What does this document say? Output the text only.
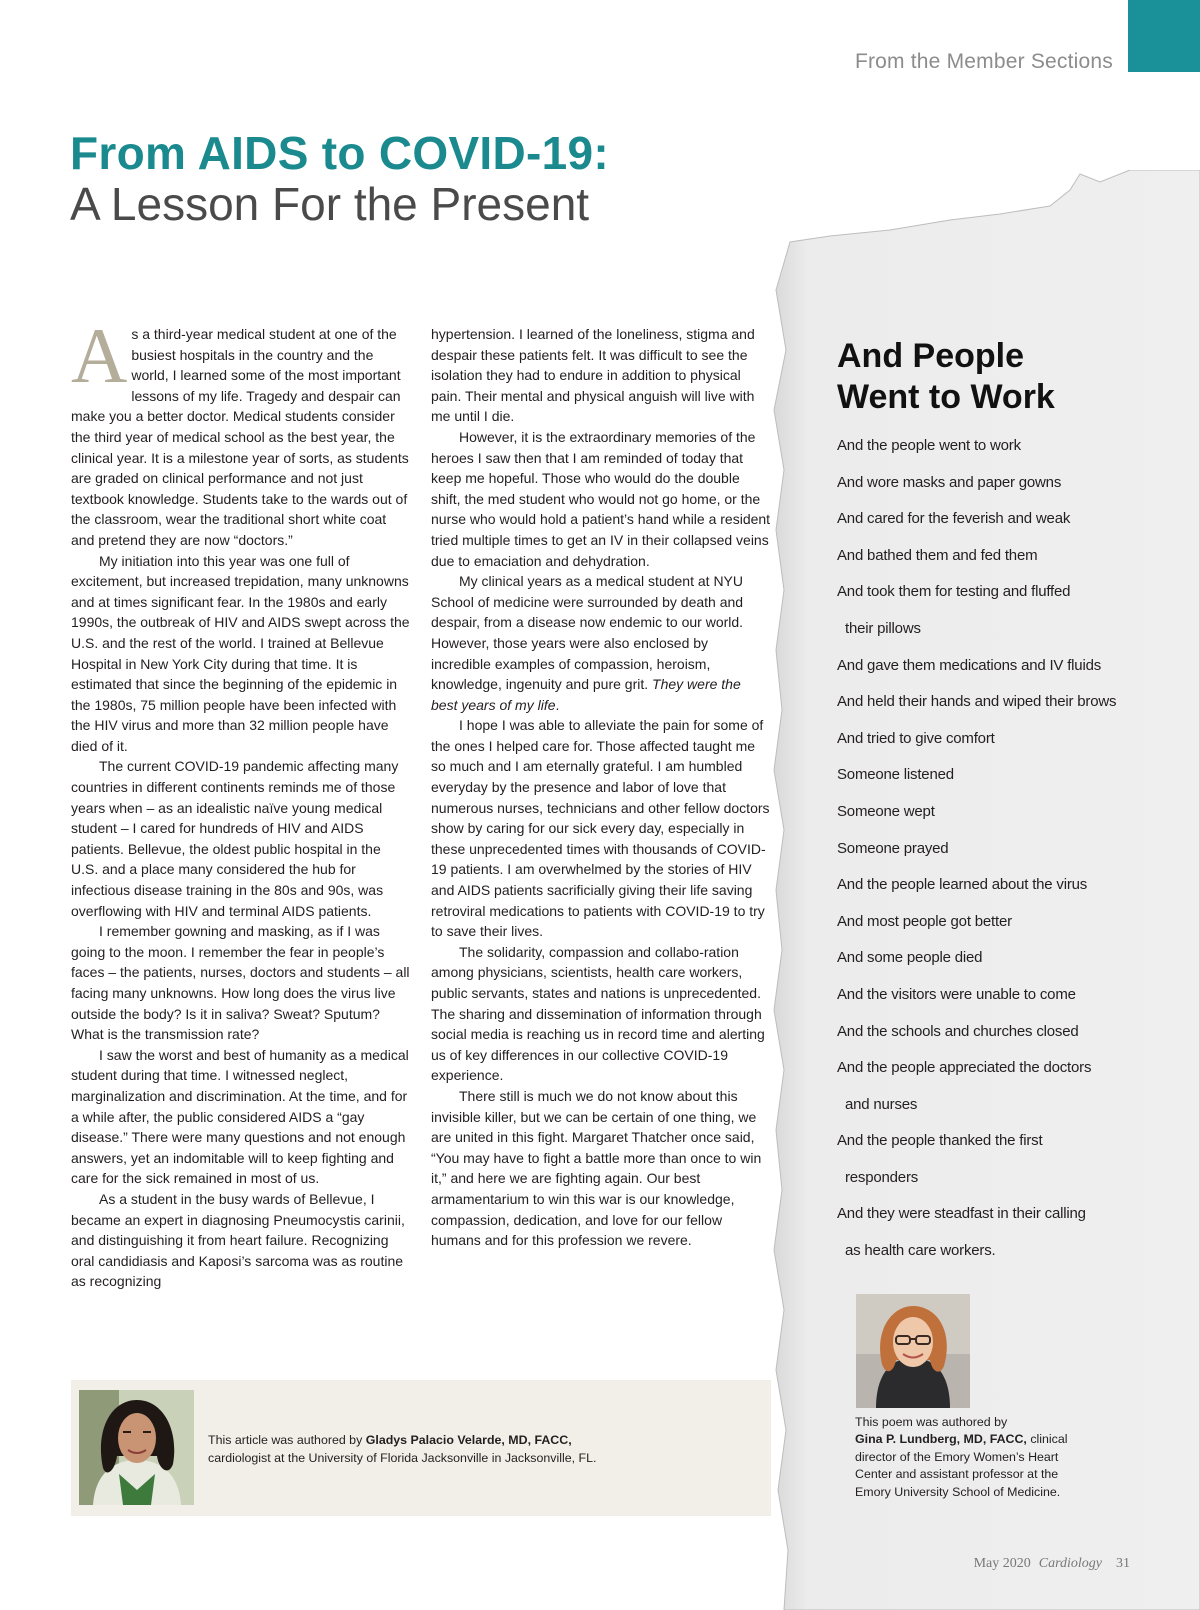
From the Member Sections
From AIDS to COVID-19:
A Lesson For the Present

As a third-year medical student at one of the busiest hospitals in the country and the world, I learned some of the most important lessons of my life. Tragedy and despair can make you a better doctor. Medical students consider the third year of medical school as the best year, the clinical year. It is a milestone year of sorts, as students are graded on clinical performance and not just textbook knowledge. Students take to the wards out of the classroom, wear the traditional short white coat and pretend they are now “doctors.”

My initiation into this year was one full of excitement, but increased trepidation, many unknowns and at times significant fear. In the 1980s and early 1990s, the outbreak of HIV and AIDS swept across the U.S. and the rest of the world. I trained at Bellevue Hospital in New York City during that time. It is estimated that since the beginning of the epidemic in the 1980s, 75 million people have been infected with the HIV virus and more than 32 million people have died of it.

The current COVID-19 pandemic affecting many countries in different continents reminds me of those years when – as an idealistic naïve young medical student – I cared for hundreds of HIV and AIDS patients. Bellevue, the oldest public hospital in the U.S. and a place many considered the hub for infectious disease training in the 80s and 90s, was overflowing with HIV and terminal AIDS patients.

I remember gowning and masking, as if I was going to the moon. I remember the fear in people’s faces – the patients, nurses, doctors and students – all facing many unknowns. How long does the virus live outside the body? Is it in saliva? Sweat? Sputum? What is the transmission rate?

I saw the worst and best of humanity as a medical student during that time. I witnessed neglect, marginalization and discrimination. At the time, and for a while after, the public considered AIDS a “gay disease.” There were many questions and not enough answers, yet an indomitable will to keep fighting and care for the sick remained in most of us.

As a student in the busy wards of Bellevue, I became an expert in diagnosing Pneumocystis carinii, and distinguishing it from heart failure. Recognizing oral candidiasis and Kaposi’s sarcoma was as routine as recognizing

hypertension. I learned of the loneliness, stigma and despair these patients felt. It was difficult to see the isolation they had to endure in addition to physical pain. Their mental and physical anguish will live with me until I die.

However, it is the extraordinary memories of the heroes I saw then that I am reminded of today that keep me hopeful. Those who would do the double shift, the med student who would not go home, or the nurse who would hold a patient’s hand while a resident tried multiple times to get an IV in their collapsed veins due to emaciation and dehydration.

My clinical years as a medical student at NYU School of medicine were surrounded by death and despair, from a disease now endemic to our world. However, those years were also enclosed by incredible examples of compassion, heroism, knowledge, ingenuity and pure grit. They were the best years of my life.

I hope I was able to alleviate the pain for some of the ones I helped care for. Those affected taught me so much and I am eternally grateful. I am humbled everyday by the presence and labor of love that numerous nurses, technicians and other fellow doctors show by caring for our sick every day, especially in these unprecedented times with thousands of COVID-19 patients. I am overwhelmed by the stories of HIV and AIDS patients sacrificially giving their life saving retroviral medications to patients with COVID-19 to try to save their lives.

The solidarity, compassion and collabo-ration among physicians, scientists, health care workers, public servants, states and nations is unprecedented. The sharing and dissemination of information through social media is reaching us in record time and alerting us of key differences in our collective COVID-19 experience.

There still is much we do not know about this invisible killer, but we can be certain of one thing, we are united in this fight. Margaret Thatcher once said, “You may have to fight a battle more than once to win it,” and here we are fighting again. Our best armamentarium to win this war is our knowledge, compassion, dedication, and love for our fellow humans and for this profession we revere.

And People
Went to Work
And the people went to work
And wore masks and paper gowns
And cared for the feverish and weak
And bathed them and fed them
And took them for testing and fluffed
their pillows
And gave them medications and IV fluids
And held their hands and wiped their brows
And tried to give comfort
Someone listened
Someone wept
Someone prayed
And the people learned about the virus
And most people got better
And some people died
And the visitors were unable to come
And the schools and churches closed
And the people appreciated the doctors
and nurses
And the people thanked the first
responders
And they were steadfast in their calling
as health care workers.
This poem was authored by
Gina P. Lundberg, MD, FACC, clinical director of the Emory Women’s Heart Center and assistant professor at the Emory University School of Medicine.
This article was authored by Gladys Palacio Velarde, MD, FACC,
cardiologist at the University of Florida Jacksonville in Jacksonville, FL.
May 2020 Cardiology 31
